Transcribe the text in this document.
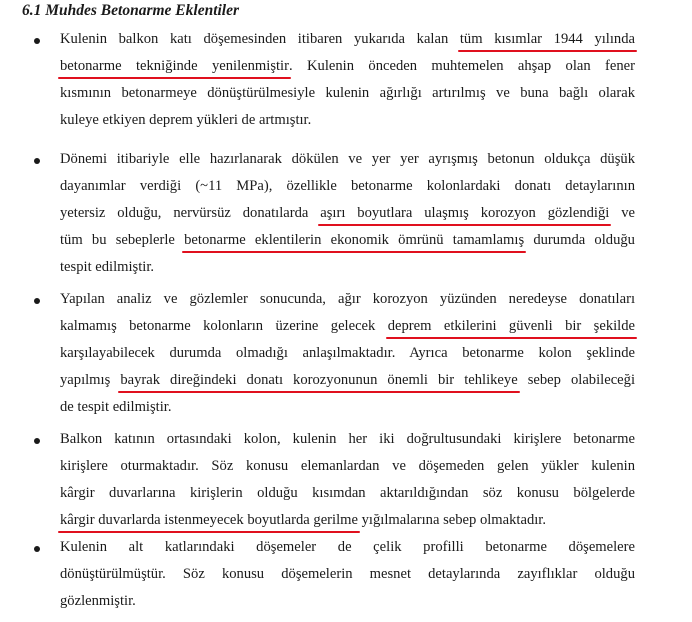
6.1 Muhdes Betonarme Eklentiler
Kulenin balkon katı döşemesinden itibaren yukarıda kalan tüm kısımlar 1944 yılında
betonarme tekniğinde yenilenmiştir. Kulenin önceden muhtemelen ahşap olan fener
kısmının betonarmeye dönüştürülmesiyle kulenin ağırlığı artırılmış ve buna bağlı olarak
kuleye etkiyen deprem yükleri de artmıştır.
Dönemi itibariyle elle hazırlanarak dökülen ve yer yer ayrışmış betonun oldukça düşük
dayanımlar verdiği (~11 MPa), özellikle betonarme kolonlardaki donatı detaylarının
yetersiz olduğu, nervürsüz donatılarda aşırı boyutlara ulaşmış korozyon gözlendiği ve
tüm bu sebeplerle betonarme eklentilerin ekonomik ömrünü tamamlamış durumda olduğu
tespit edilmiştir.
Yapılan analiz ve gözlemler sonucunda, ağır korozyon yüzünden neredeyse donatıları
kalmamış betonarme kolonların üzerine gelecek deprem etkilerini güvenli bir şekilde
karşılayabilecek durumda olmadığı anlaşılmaktadır. Ayrıca betonarme kolon şeklinde
yapılmış bayrak direğindeki donatı korozyonunun önemli bir tehlikeye sebep olabileceği
de tespit edilmiştir.
Balkon katının ortasındaki kolon, kulenin her iki doğrultusundaki kirişlere betonarme
kirişlere oturmaktadır. Söz konusu elemanlardan ve döşemeden gelen yükler kulenin
kârgir duvarlarına kirişlerin olduğu kısımdan aktarıldığından söz konusu bölgelerde
kârgir duvarlarda istenmeyecek boyutlarda gerilme yığılmalarına sebep olmaktadır.
Kulenin alt katlarındaki döşemeler de çelik profilli betonarme döşemelere
dönüştürülmüştür. Söz konusu döşemelerin mesnet detaylarında zayıflıklar olduğu
gözlenmiştir.
